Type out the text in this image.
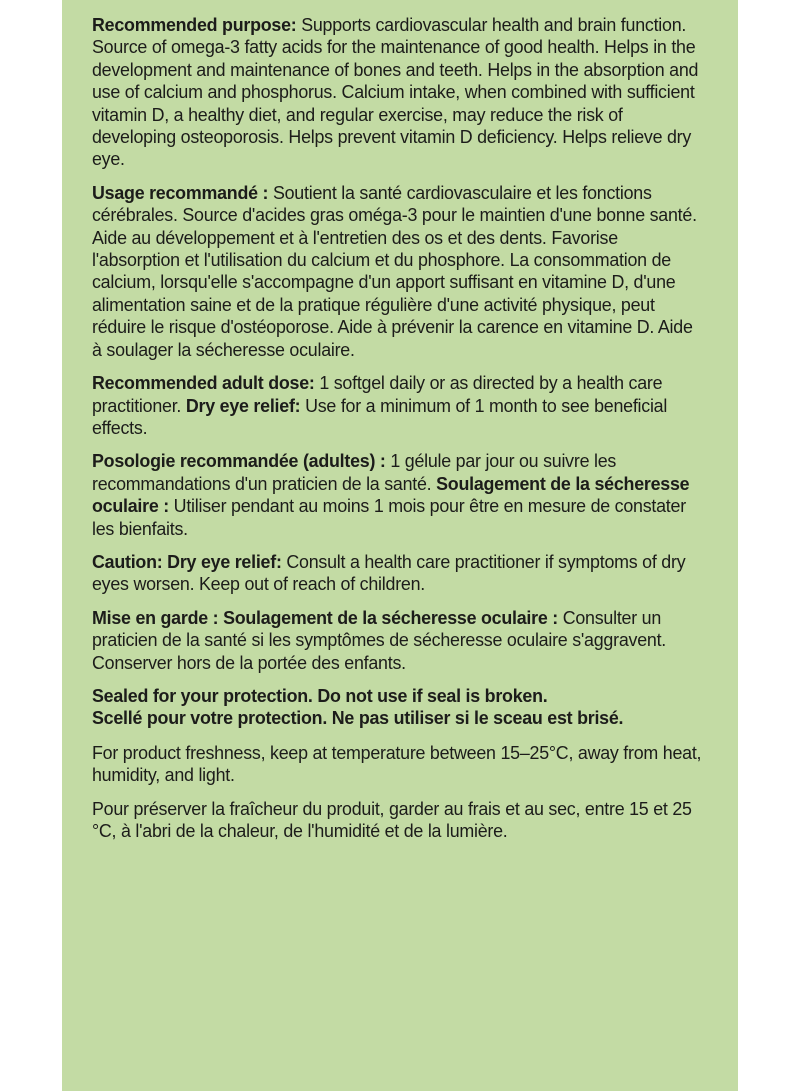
Recommended purpose: Supports cardiovascular health and brain function. Source of omega-3 fatty acids for the maintenance of good health. Helps in the development and maintenance of bones and teeth. Helps in the absorption and use of calcium and phosphorus. Calcium intake, when combined with sufficient vitamin D, a healthy diet, and regular exercise, may reduce the risk of developing osteoporosis. Helps prevent vitamin D deficiency. Helps relieve dry eye.

Usage recommandé : Soutient la santé cardiovasculaire et les fonctions cérébrales. Source d'acides gras oméga-3 pour le maintien d'une bonne santé. Aide au développement et à l'entretien des os et des dents. Favorise l'absorption et l'utilisation du calcium et du phosphore. La consommation de calcium, lorsqu'elle s'accompagne d'un apport suffisant en vitamine D, d'une alimentation saine et de la pratique régulière d'une activité physique, peut réduire le risque d'ostéoporose. Aide à prévenir la carence en vitamine D. Aide à soulager la sécheresse oculaire.

Recommended adult dose: 1 softgel daily or as directed by a health care practitioner. Dry eye relief: Use for a minimum of 1 month to see beneficial effects.

Posologie recommandée (adultes) : 1 gélule par jour ou suivre les recommandations d'un praticien de la santé. Soulagement de la sécheresse oculaire : Utiliser pendant au moins 1 mois pour être en mesure de constater les bienfaits.

Caution: Dry eye relief: Consult a health care practitioner if symptoms of dry eyes worsen. Keep out of reach of children.

Mise en garde : Soulagement de la sécheresse oculaire : Consulter un praticien de la santé si les symptômes de sécheresse oculaire s'aggravent. Conserver hors de la portée des enfants.

Sealed for your protection. Do not use if seal is broken.
Scellé pour votre protection. Ne pas utiliser si le sceau est brisé.

For product freshness, keep at temperature between 15–25°C, away from heat, humidity, and light.

Pour préserver la fraîcheur du produit, garder au frais et au sec, entre 15 et 25 °C, à l'abri de la chaleur, de l'humidité et de la lumière.
